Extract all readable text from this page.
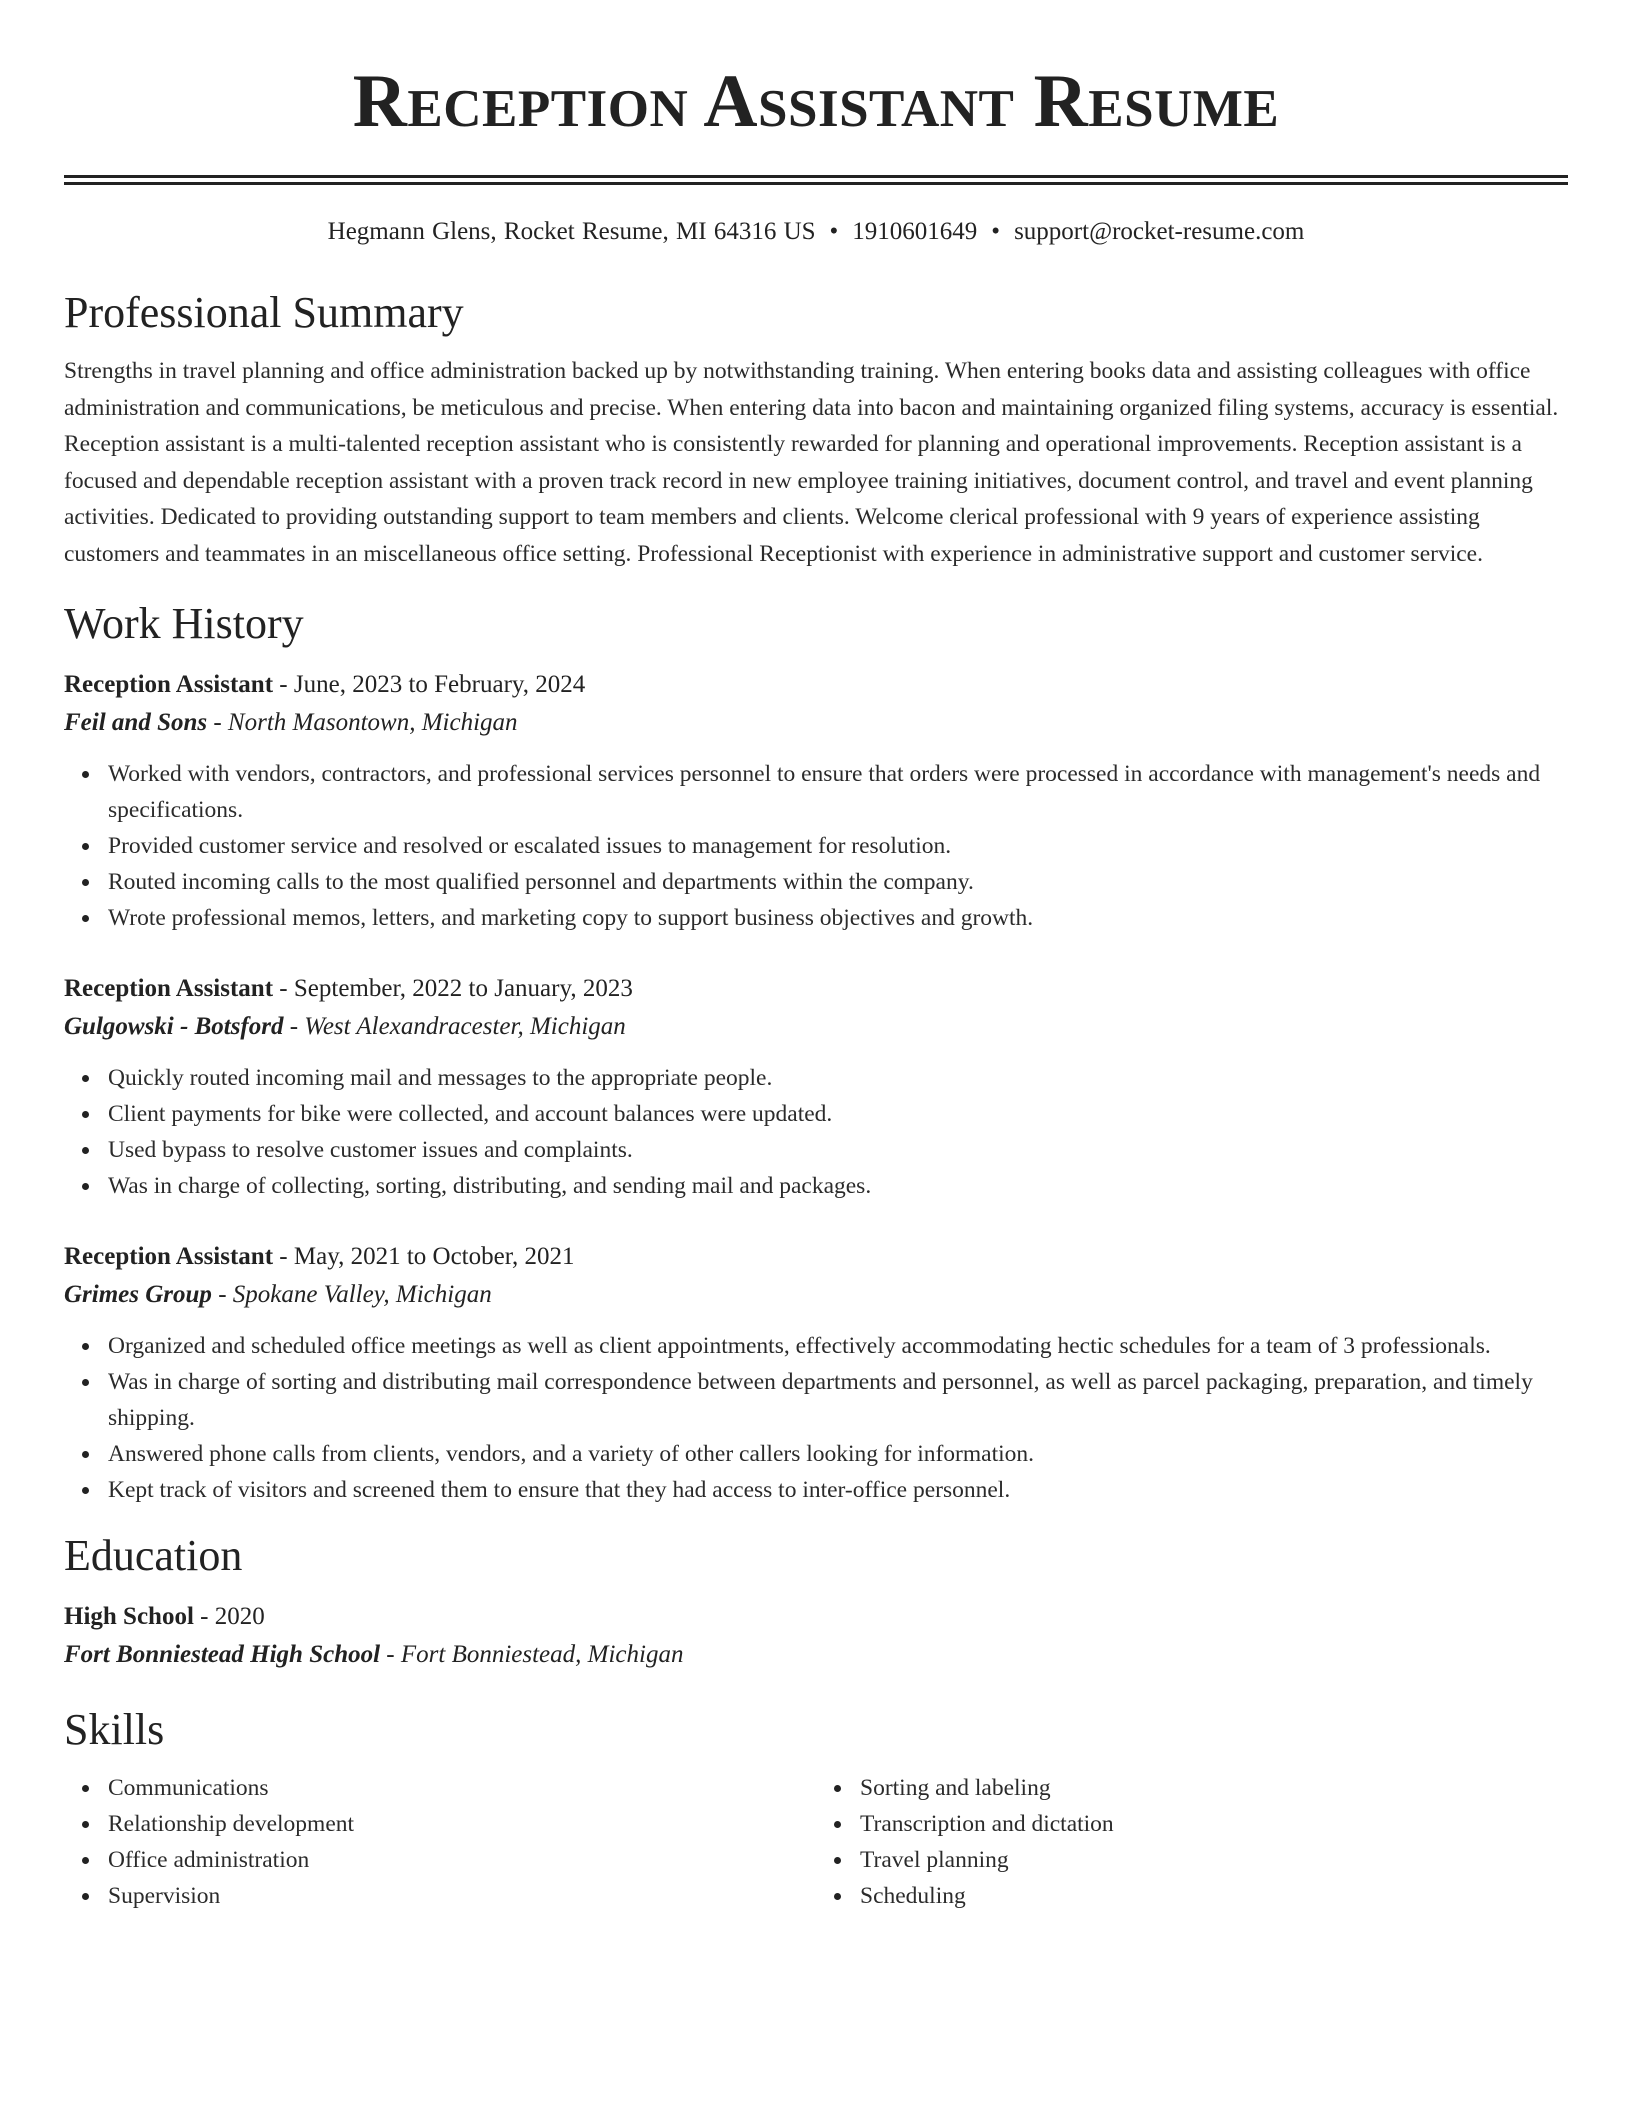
Reception Assistant Resume
Hegmann Glens, Rocket Resume, MI 64316 US • 1910601649 • support@rocket-resume.com
Professional Summary

Strengths in travel planning and office administration backed up by notwithstanding training. When entering books data and assisting colleagues with office administration and communications, be meticulous and precise. When entering data into bacon and maintaining organized filing systems, accuracy is essential. Reception assistant is a multi-talented reception assistant who is consistently rewarded for planning and operational improvements. Reception assistant is a focused and dependable reception assistant with a proven track record in new employee training initiatives, document control, and travel and event planning activities. Dedicated to providing outstanding support to team members and clients. Welcome clerical professional with 9 years of experience assisting customers and teammates in an miscellaneous office setting. Professional Receptionist with experience in administrative support and customer service.

Work History
Reception Assistant - June, 2023 to February, 2024
Feil and Sons - North Masontown, Michigan
Worked with vendors, contractors, and professional services personnel to ensure that orders were processed in accordance with management's needs and specifications.
Provided customer service and resolved or escalated issues to management for resolution.
Routed incoming calls to the most qualified personnel and departments within the company.
Wrote professional memos, letters, and marketing copy to support business objectives and growth.
Reception Assistant - September, 2022 to January, 2023
Gulgowski - Botsford - West Alexandracester, Michigan
Quickly routed incoming mail and messages to the appropriate people.
Client payments for bike were collected, and account balances were updated.
Used bypass to resolve customer issues and complaints.
Was in charge of collecting, sorting, distributing, and sending mail and packages.
Reception Assistant - May, 2021 to October, 2021
Grimes Group - Spokane Valley, Michigan
Organized and scheduled office meetings as well as client appointments, effectively accommodating hectic schedules for a team of 3 professionals.
Was in charge of sorting and distributing mail correspondence between departments and personnel, as well as parcel packaging, preparation, and timely shipping.
Answered phone calls from clients, vendors, and a variety of other callers looking for information.
Kept track of visitors and screened them to ensure that they had access to inter-office personnel.
Education
High School - 2020
Fort Bonniestead High School - Fort Bonniestead, Michigan
Skills
Communications
Relationship development
Office administration
Supervision
Sorting and labeling
Transcription and dictation
Travel planning
Scheduling
